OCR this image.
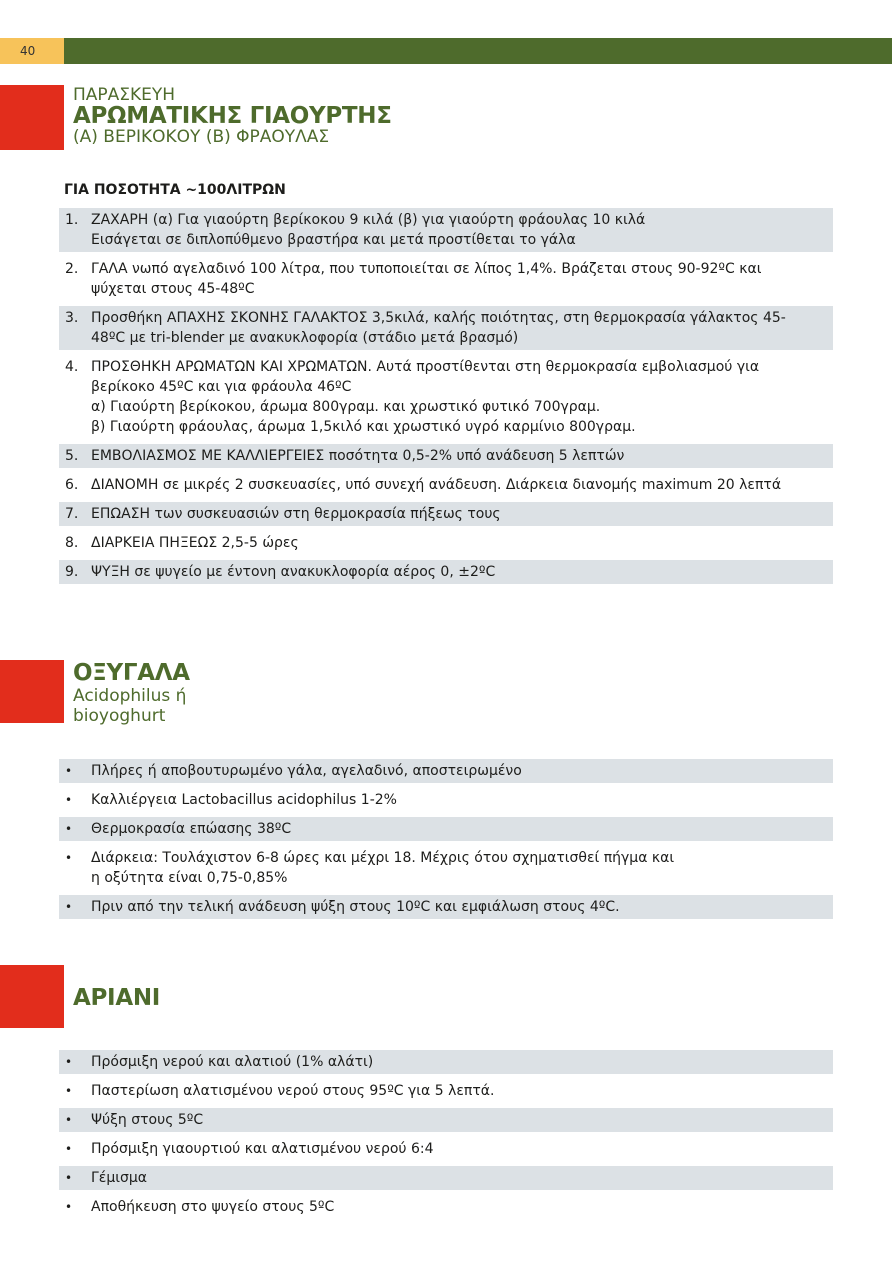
40
ΠΑΡΑΣΚΕΥΗ
ΑΡΩΜΑΤΙΚΗΣ ΓΙΑΟΥΡΤΗΣ
(Α) ΒΕΡΙΚΟΚΟΥ (Β) ΦΡΑΟΥΛΑΣ
ΓΙΑ ΠΟΣΟΤΗΤΑ ~100ΛΙΤΡΩΝ
1. ΖΑΧΑΡΗ (α) Για γιαούρτη βερίκοκου 9 κιλά (β) για γιαούρτη φράουλας 10 κιλά
Εισάγεται σε διπλοπύθμενο βραστήρα και μετά προστίθεται το γάλα
2. ΓΑΛΑ νωπό αγελαδινό 100 λίτρα, που τυποποιείται σε λίπος 1,4%. Βράζεται στους 90-92ºC και
ψύχεται στους 45-48ºC
3. Προσθήκη ΑΠΑΧΗΣ ΣΚΟΝΗΣ ΓΑΛΑΚΤΟΣ 3,5κιλά, καλής ποιότητας, στη θερμοκρασία γάλακτος 45-
48ºC με tri-blender με ανακυκλοφορία (στάδιο μετά βρασμό)
4. ΠΡΟΣΘΗΚΗ ΑΡΩΜΑΤΩΝ ΚΑΙ ΧΡΩΜΑΤΩΝ. Αυτά προστίθενται στη θερμοκρασία εμβολιασμού για
βερίκοκο 45ºC και για φράουλα 46ºC
α) Γιαούρτη βερίκοκου, άρωμα 800γραμ. και χρωστικό φυτικό 700γραμ.
β) Γιαούρτη φράουλας, άρωμα 1,5κιλό και χρωστικό υγρό καρμίνιο 800γραμ.
5. ΕΜΒΟΛΙΑΣΜΟΣ ΜΕ ΚΑΛΛΙΕΡΓΕΙΕΣ ποσότητα 0,5-2% υπό ανάδευση 5 λεπτών
6. ΔΙΑΝΟΜΗ σε μικρές 2 συσκευασίες, υπό συνεχή ανάδευση. Διάρκεια διανομής maximum 20 λεπτά
7. ΕΠΩΑΣΗ των συσκευασιών στη θερμοκρασία πήξεως τους
8. ΔΙΑΡΚΕΙΑ ΠΗΞΕΩΣ 2,5-5 ώρες
9. ΨΥΞΗ σε ψυγείο με έντονη ανακυκλοφορία αέρος 0, ±2ºC
ΟΞΥΓΑΛΑ
Acidophilus ή
bioyoghurt
• Πλήρες ή αποβουτυρωμένο γάλα, αγελαδινό, αποστειρωμένο
• Καλλιέργεια Lactobacillus acidophilus 1-2%
• Θερμοκρασία επώασης 38ºC
• Διάρκεια: Τουλάχιστον 6-8 ώρες και μέχρι 18. Μέχρις ότου σχηματισθεί πήγμα και
η οξύτητα είναι 0,75-0,85%
• Πριν από την τελική ανάδευση ψύξη στους 10ºC και εμφιάλωση στους 4ºC.
ΑΡΙΑΝΙ
• Πρόσμιξη νερού και αλατιού (1% αλάτι)
• Παστερίωση αλατισμένου νερού στους 95ºC για 5 λεπτά.
• Ψύξη στους 5ºC
• Πρόσμιξη γιαουρτιού και αλατισμένου νερού 6:4
• Γέμισμα
• Αποθήκευση στο ψυγείο στους 5ºC
